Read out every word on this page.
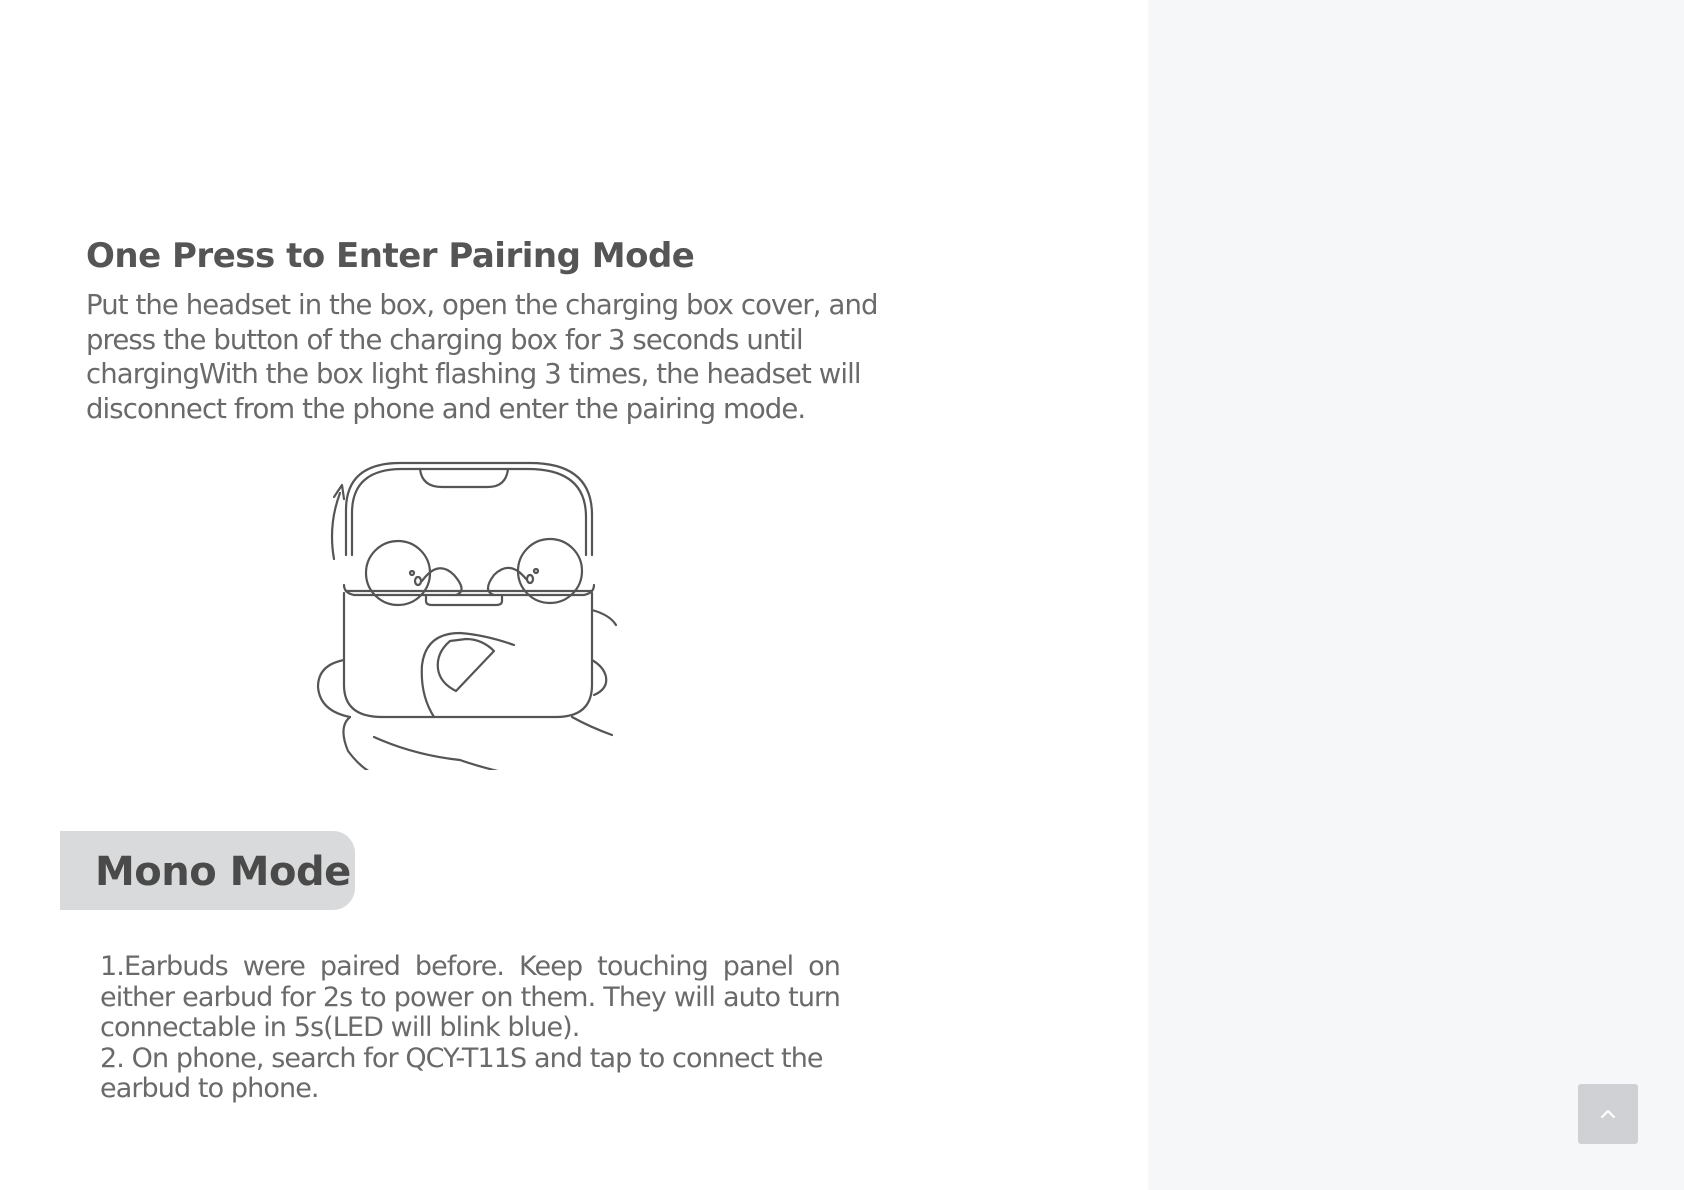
One Press to Enter Pairing Mode
Put the headset in the box, open the charging box cover, and
press the button of the charging box for 3 seconds until
chargingWith the box light flashing 3 times, the headset will
disconnect from the phone and enter the pairing mode.
Mono Mode
1.Earbuds were paired before. Keep touching panel on
either earbud for 2s to power on them. They will auto turn
connectable in 5s(LED will blink blue).
2. On phone, search for QCY-T11S and tap to connect the
earbud to phone.
